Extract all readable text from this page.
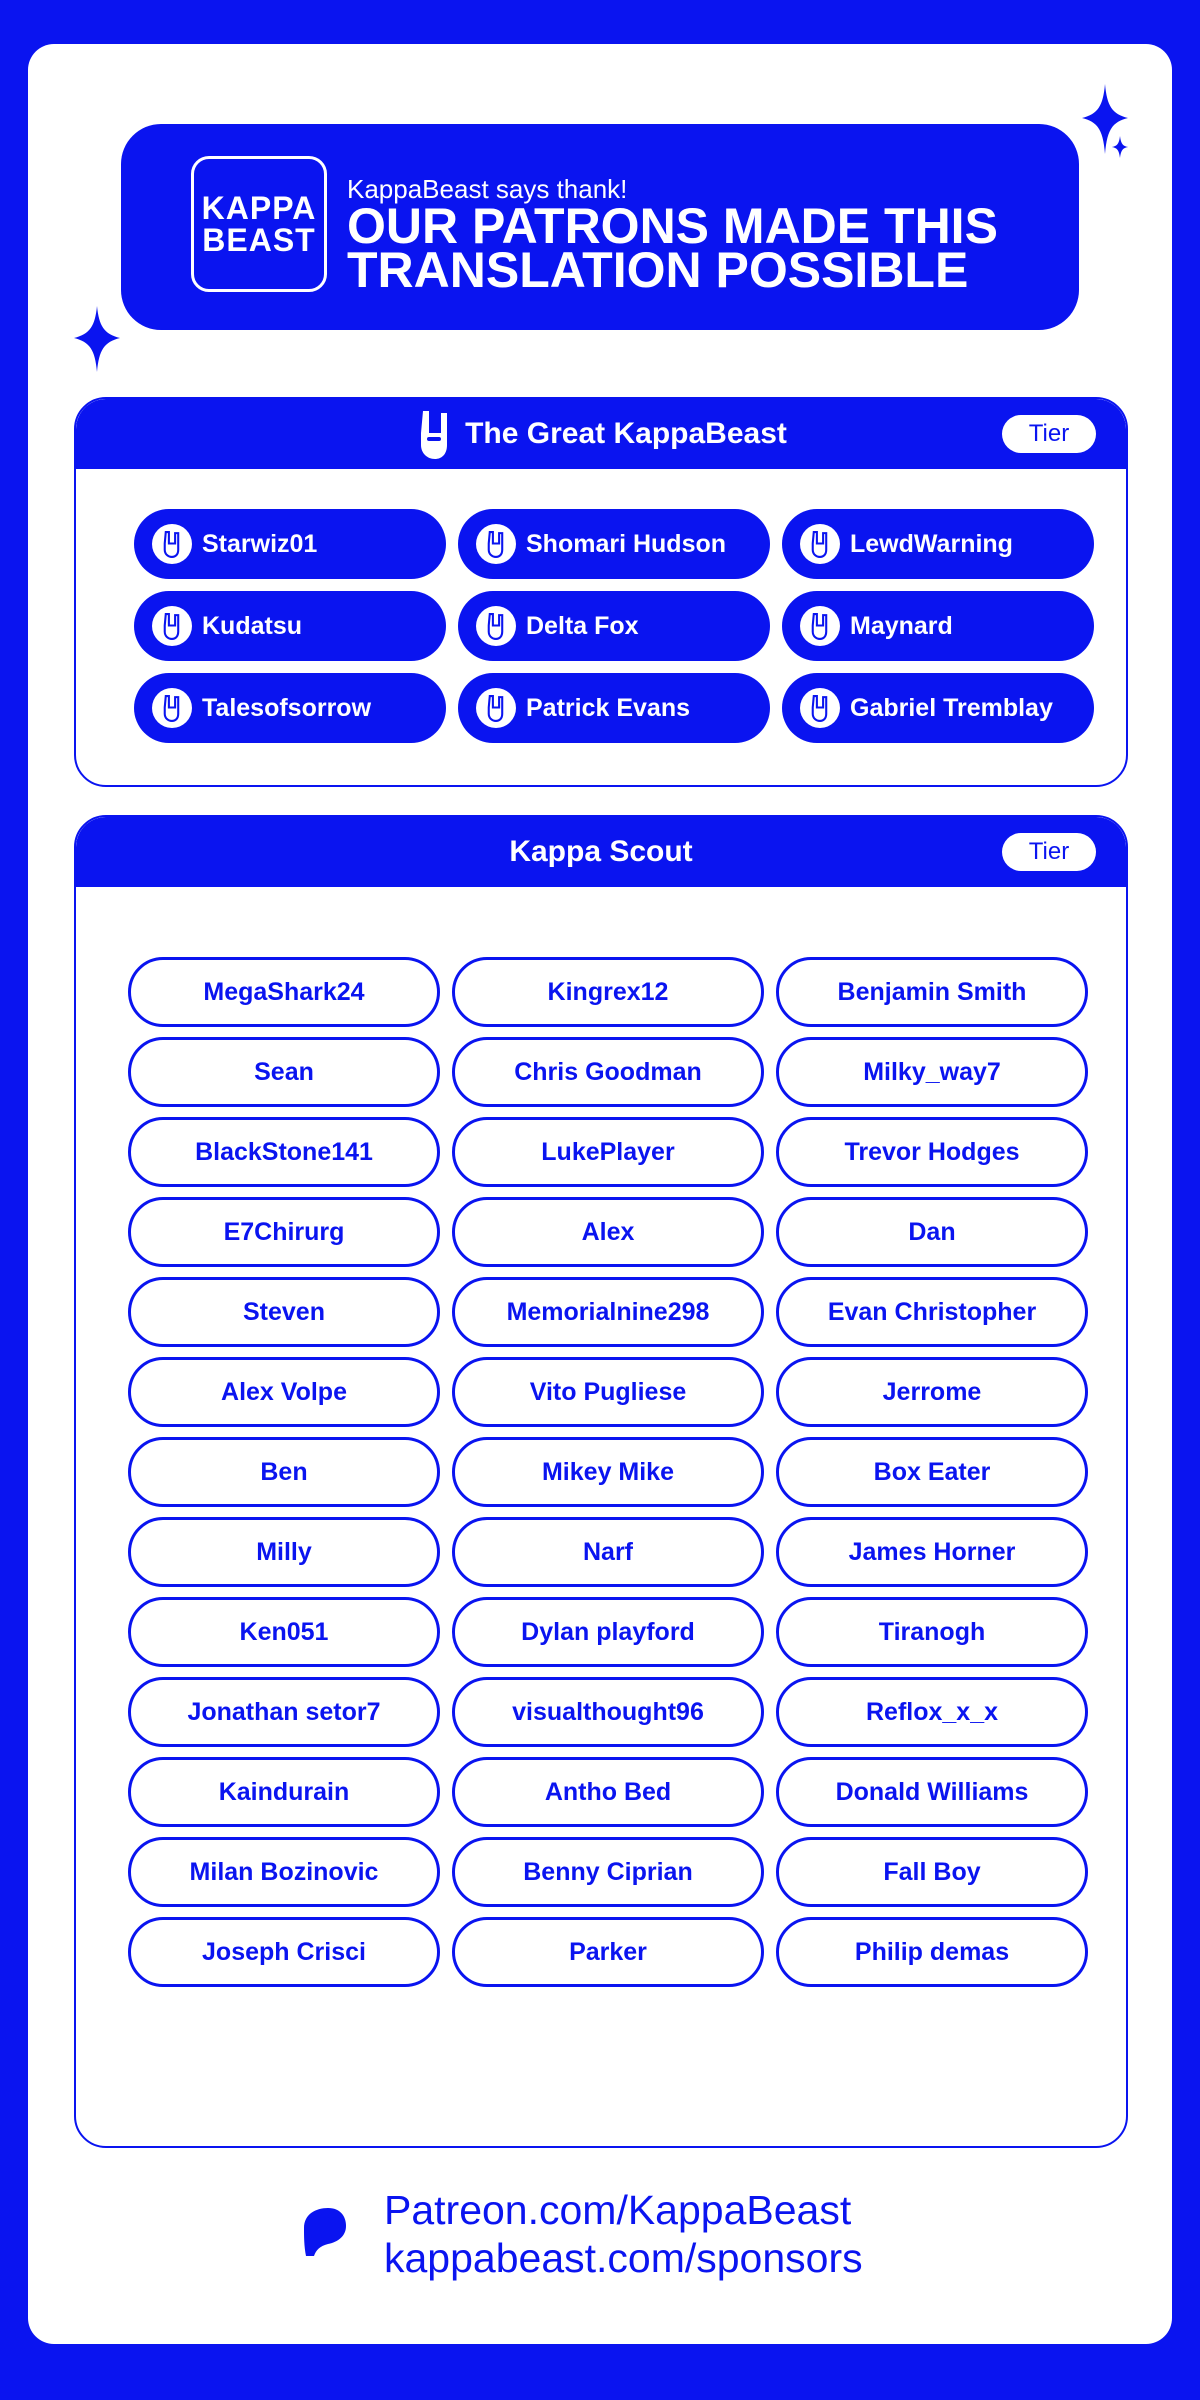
KAPPA
BEAST
KappaBeast says thank!
OUR PATRONS MADE THIS TRANSLATION POSSIBLE
The Great KappaBeast	Tier
Starwiz01	Shomari Hudson	LewdWarning
Kudatsu	Delta Fox	Maynard
Talesofsorrow	Patrick Evans	Gabriel Tremblay
Kappa Scout	Tier
MegaShark24	Kingrex12	Benjamin Smith
Sean	Chris Goodman	Milky_way7
BlackStone141	LukePlayer	Trevor Hodges
E7Chirurg	Alex	Dan
Steven	Memorialnine298	Evan Christopher
Alex Volpe	Vito Pugliese	Jerrome
Ben	Mikey Mike	Box Eater
Milly	Narf	James Horner
Ken051	Dylan playford	Tiranogh
Jonathan setor7	visualthought96	Reflox_x_x
Kaindurain	Antho Bed	Donald Williams
Milan Bozinovic	Benny Ciprian	Fall Boy
Joseph Crisci	Parker	Philip demas
Patreon.com/KappaBeast
kappabeast.com/sponsors
